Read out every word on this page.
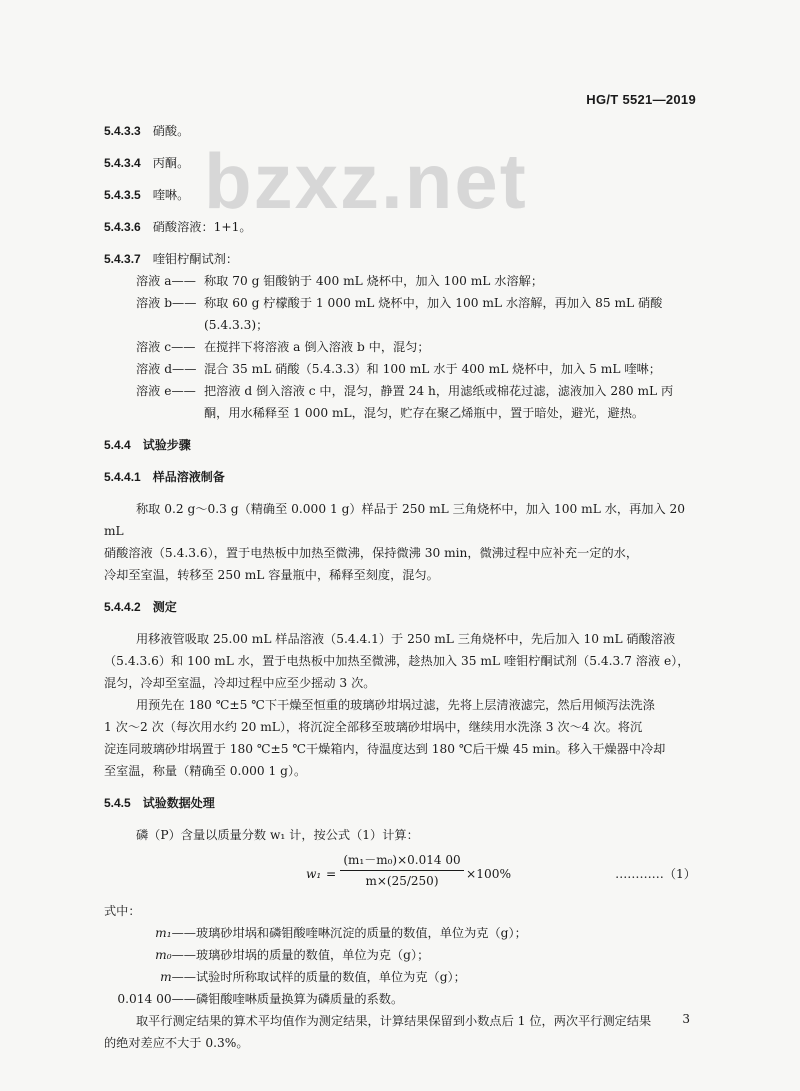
HG/T 5521—2019
bzxz.net
5.4.3.3 硝酸。
5.4.3.4 丙酮。
5.4.3.5 喹啉。
5.4.3.6 硝酸溶液：1+1。
5.4.3.7 喹钼柠酮试剂：
溶液 a—— 称取 70 g 钼酸钠于 400 mL 烧杯中，加入 100 mL 水溶解；
溶液 b—— 称取 60 g 柠檬酸于 1 000 mL 烧杯中，加入 100 mL 水溶解，再加入 85 mL 硝酸
(5.4.3.3)；
溶液 c—— 在搅拌下将溶液 a 倒入溶液 b 中，混匀；
溶液 d—— 混合 35 mL 硝酸（5.4.3.3）和 100 mL 水于 400 mL 烧杯中，加入 5 mL 喹啉；
溶液 e—— 把溶液 d 倒入溶液 c 中，混匀，静置 24 h，用滤纸或棉花过滤，滤液加入 280 mL 丙
酮，用水稀释至 1 000 mL，混匀，贮存在聚乙烯瓶中，置于暗处，避光，避热。
5.4.4 试验步骤
5.4.4.1 样品溶液制备
称取 0.2 g～0.3 g（精确至 0.000 1 g）样品于 250 mL 三角烧杯中，加入 100 mL 水，再加入 20 mL
硝酸溶液（5.4.3.6），置于电热板中加热至微沸，保持微沸 30 min，微沸过程中应补充一定的水，
冷却至室温，转移至 250 mL 容量瓶中，稀释至刻度，混匀。
5.4.4.2 测定
用移液管吸取 25.00 mL 样品溶液（5.4.4.1）于 250 mL 三角烧杯中，先后加入 10 mL 硝酸溶液
（5.4.3.6）和 100 mL 水，置于电热板中加热至微沸，趁热加入 35 mL 喹钼柠酮试剂（5.4.3.7 溶液 e），
混匀，冷却至室温，冷却过程中应至少摇动 3 次。
用预先在 180 ℃±5 ℃下干燥至恒重的玻璃砂坩埚过滤，先将上层清液滤完，然后用倾泻法洗涤
1 次～2 次（每次用水约 20 mL），将沉淀全部移至玻璃砂坩埚中，继续用水洗涤 3 次～4 次。将沉
淀连同玻璃砂坩埚置于 180 ℃±5 ℃干燥箱内，待温度达到 180 ℃后干燥 45 min。移入干燥器中冷却
至室温，称量（精确至 0.000 1 g）。
5.4.5 试验数据处理
磷（P）含量以质量分数 w₁ 计，按公式（1）计算：
w₁ =
(m₁－m₀)×0.014 00
m×(25/250)	×100%	…………（1）
式中：
m₁—— 玻璃砂坩埚和磷钼酸喹啉沉淀的质量的数值，单位为克（g）；
m₀—— 玻璃砂坩埚的质量的数值，单位为克（g）；
m—— 试验时所称取试样的质量的数值，单位为克（g）；
0.014 00—— 磷钼酸喹啉质量换算为磷质量的系数。
取平行测定结果的算术平均值作为测定结果，计算结果保留到小数点后 1 位，两次平行测定结果
的绝对差应不大于 0.3%。
3
